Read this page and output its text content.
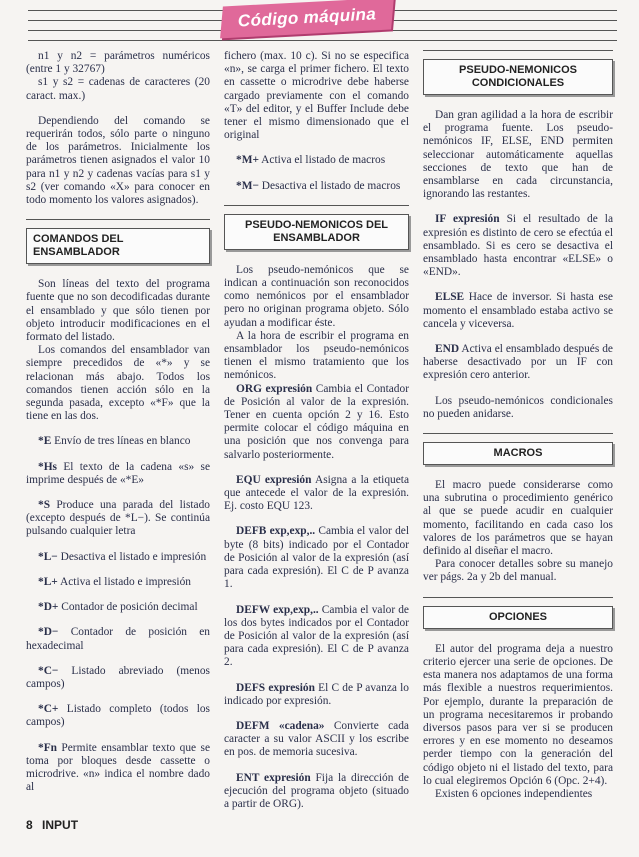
Código máquina

n1 y n2 = parámetros numéricos (entre 1 y 32767)

s1 y s2 = cadenas de caracteres (20 caract. max.)

Dependiendo del comando se requerirán todos, sólo parte o ninguno de los parámetros. Inicialmente los parámetros tienen asignados el valor 10 para n1 y n2 y cadenas vacías para s1 y s2 (ver comando «X» para conocer en todo momento los valores asignados).

COMANDOS DEL ENSAMBLADOR

Son líneas del texto del programa fuente que no son decodificadas durante el ensamblado y que sólo tienen por objeto introducir modificaciones en el formato del listado.

Los comandos del ensamblador van siempre precedidos de «*» y se relacionan más abajo. Todos los comandos tienen acción sólo en la segunda pasada, excepto «*F» que la tiene en las dos.

*E Envío de tres líneas en blanco

*Hs El texto de la cadena «s» se imprime después de «*E»

*S Produce una parada del listado (excepto después de *L−). Se continúa pulsando cualquier letra

*L− Desactiva el listado e impresión

*L+ Activa el listado e impresión

*D+ Contador de posición decimal

*D− Contador de posición en hexadecimal

*C− Listado abreviado (menos campos)

*C+ Listado completo (todos los campos)

*Fn Permite ensamblar texto que se toma por bloques desde cassette o microdrive. «n» indica el nombre dado al

fichero (max. 10 c). Si no se especifica «n», se carga el primer fichero. El texto en cassette o microdrive debe haberse cargado previamente con el comando «T» del editor, y el Buffer Include debe tener el mismo dimensionado que el original

*M+ Activa el listado de macros

*M− Desactiva el listado de macros

PSEUDO-NEMONICOS DEL ENSAMBLADOR

Los pseudo-nemónicos que se indican a continuación son reconocidos como nemónicos por el ensamblador pero no originan programa objeto. Sólo ayudan a modificar éste.

A la hora de escribir el programa en ensamblador los pseudo-nemónicos tienen el mismo tratamiento que los nemónicos.

ORG expresión Cambia el Contador de Posición al valor de la expresión. Tener en cuenta opción 2 y 16. Esto permite colocar el código máquina en una posición que nos convenga para salvarlo posteriormente.

EQU expresión Asigna a la etiqueta que antecede el valor de la expresión. Ej. costo EQU 123.

DEFB exp,exp,.. Cambia el valor del byte (8 bits) indicado por el Contador de Posición al valor de la expresión (así para cada expresión). El C de P avanza 1.

DEFW exp,exp,.. Cambia el valor de los dos bytes indicados por el Contador de Posición al valor de la expresión (así para cada expresión). El C de P avanza 2.

DEFS expresión El C de P avanza lo indicado por expresión.

DEFM «cadena» Convierte cada caracter a su valor ASCII y los escribe en pos. de memoria sucesiva.

ENT expresión Fija la dirección de ejecución del programa objeto (situado a partir de ORG).

PSEUDO-NEMONICOS CONDICIONALES

Dan gran agilidad a la hora de escribir el programa fuente. Los pseudo-nemónicos IF, ELSE, END permiten seleccionar automáticamente aquellas secciones de texto que han de ensamblarse en cada circunstancia, ignorando las restantes.

IF expresión Si el resultado de la expresión es distinto de cero se efectúa el ensamblado. Si es cero se desactiva el ensamblado hasta encontrar «ELSE» o «END».

ELSE Hace de inversor. Si hasta ese momento el ensamblado estaba activo se cancela y viceversa.

END Activa el ensamblado después de haberse desactivado por un IF con expresión cero anterior.

Los pseudo-nemónicos condicionales no pueden anidarse.

MACROS

El macro puede considerarse como una subrutina o procedimiento genérico al que se puede acudir en cualquier momento, facilitando en cada caso los valores de los parámetros que se hayan definido al diseñar el macro.

Para conocer detalles sobre su manejo ver págs. 2a y 2b del manual.

OPCIONES

El autor del programa deja a nuestro criterio ejercer una serie de opciones. De esta manera nos adaptamos de una forma más flexible a nuestros requerimientos. Por ejemplo, durante la preparación de un programa necesitaremos ir probando diversos pasos para ver si se producen errores y en ese momento no deseamos perder tiempo con la generación del código objeto ni el listado del texto, para lo cual elegiremos Opción 6 (Opc. 2+4).

Existen 6 opciones independientes

8 INPUT
